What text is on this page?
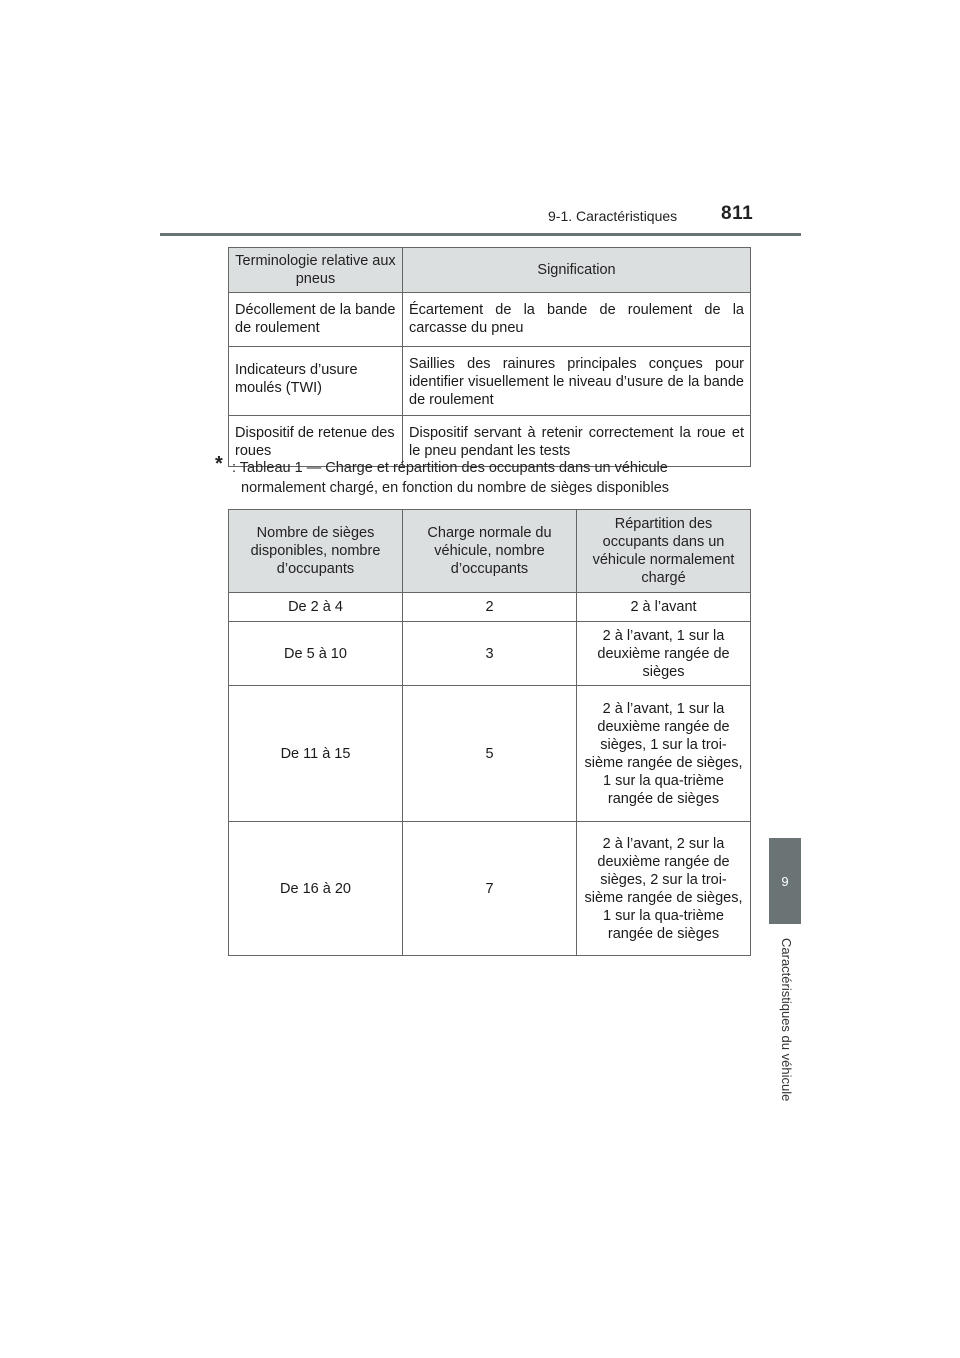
9-1. Caractéristiques 811
9
Caractéristiques du véhicule
Terminologie relative aux pneus	Signification
Décollement de la bande de roulement	Écartement de la bande de roulement de la carcasse du pneu
Indicateurs d’usure moulés (TWI)	Saillies des rainures principales conçues pour identifier visuellement le niveau d’usure de la bande de roulement
Dispositif de retenue des roues	Dispositif servant à retenir correctement la roue et le pneu pendant les tests
* : Tableau 1 — Charge et répartition des occupants dans un véhicule
normalement chargé, en fonction du nombre de sièges disponibles
Nombre de sièges disponibles, nombre d’occupants	Charge normale du véhicule, nombre d’occupants	Répartition des occupants dans un véhicule normalement chargé
De 2 à 4	2	2 à l’avant
De 5 à 10	3	2 à l’avant, 1 sur la deuxième rangée de sièges
De 11 à 15	5	2 à l’avant, 1 sur la deuxième rangée de sièges, 1 sur la troi-sième rangée de sièges, 1 sur la qua-trième rangée de sièges
De 16 à 20	7	2 à l’avant, 2 sur la deuxième rangée de sièges, 2 sur la troi-sième rangée de sièges, 1 sur la qua-trième rangée de sièges
